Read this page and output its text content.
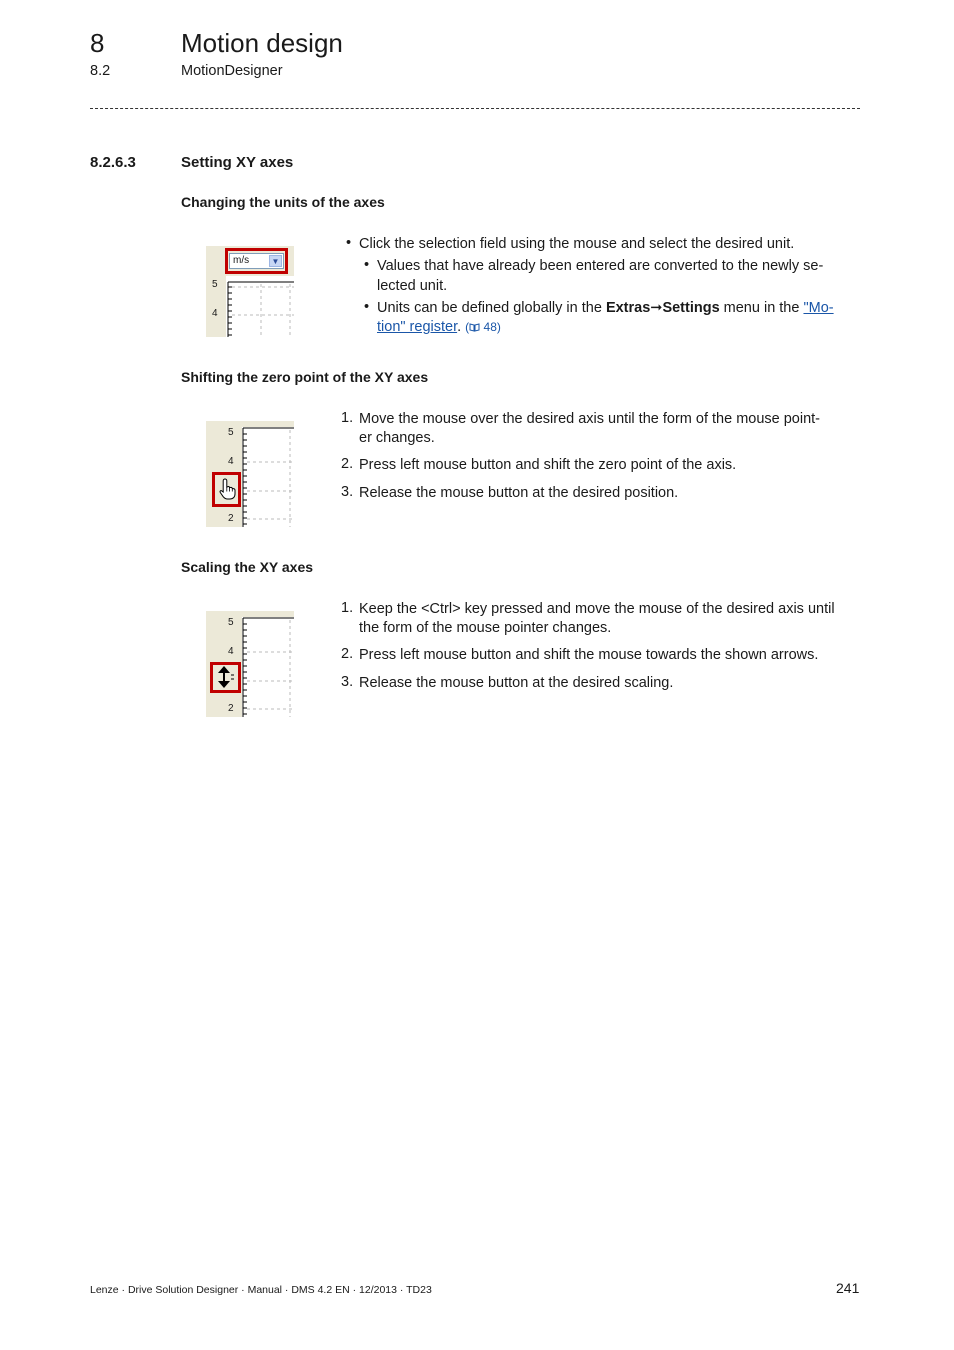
8	Motion design
8.2	MotionDesigner
8.2.6.3	Setting XY axes
Changing the units of the axes
5
4
m/s	▼
• Click the selection field using the mouse and select the desired unit.
• Values that have already been entered are converted to the newly se-
lected unit.
• Units can be defined globally in the Extras➞Settings menu in the "Mo-
tion" register. ( 48)
Shifting the zero point of the XY axes
5
4
2
1. Move the mouse over the desired axis until the form of the mouse point-
er changes.
2. Press left mouse button and shift the zero point of the axis.
3. Release the mouse button at the desired position.
Scaling the XY axes
5
4
2
1. Keep the <Ctrl> key pressed and move the mouse of the desired axis until
the form of the mouse pointer changes.
2. Press left mouse button and shift the mouse towards the shown arrows.
3. Release the mouse button at the desired scaling.
Lenze · Drive Solution Designer · Manual · DMS 4.2 EN · 12/2013 · TD23	241
